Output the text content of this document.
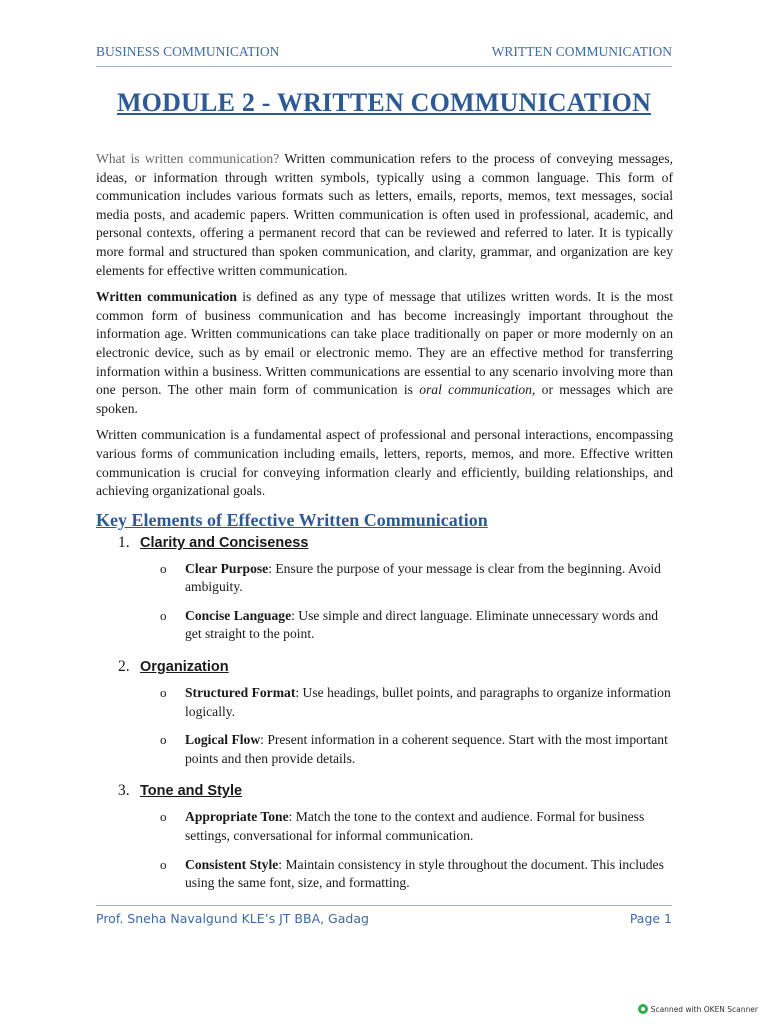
BUSINESS COMMUNICATION	WRITTEN COMMUNICATION
MODULE 2 - WRITTEN COMMUNICATION

What is written communication? Written communication refers to the process of conveying messages, ideas, or information through written symbols, typically using a common language. This form of communication includes various formats such as letters, emails, reports, memos, text messages, social media posts, and academic papers. Written communication is often used in professional, academic, and personal contexts, offering a permanent record that can be reviewed and referred to later. It is typically more formal and structured than spoken communication, and clarity, grammar, and organization are key elements for effective written communication.

Written communication is defined as any type of message that utilizes written words. It is the most common form of business communication and has become increasingly important throughout the information age. Written communications can take place traditionally on paper or more modernly on an electronic device, such as by email or electronic memo. They are an effective method for transferring information within a business. Written communications are essential to any scenario involving more than one person. The other main form of communication is oral communication, or messages which are spoken.

Written communication is a fundamental aspect of professional and personal interactions, encompassing various forms of communication including emails, letters, reports, memos, and more. Effective written communication is crucial for conveying information clearly and efficiently, building relationships, and achieving organizational goals.

Key Elements of Effective Written Communication
1. Clarity and Conciseness
o Clear Purpose: Ensure the purpose of your message is clear from the beginning. Avoid ambiguity.
o Concise Language: Use simple and direct language. Eliminate unnecessary words and get straight to the point.
2. Organization
o Structured Format: Use headings, bullet points, and paragraphs to organize information logically.
o Logical Flow: Present information in a coherent sequence. Start with the most important points and then provide details.
3. Tone and Style
o Appropriate Tone: Match the tone to the context and audience. Formal for business settings, conversational for informal communication.
o Consistent Style: Maintain consistency in style throughout the document. This includes using the same font, size, and formatting.
Prof. Sneha Navalgund KLE’s JT BBA, Gadag	Page 1
Scanned with OKEN Scanner
